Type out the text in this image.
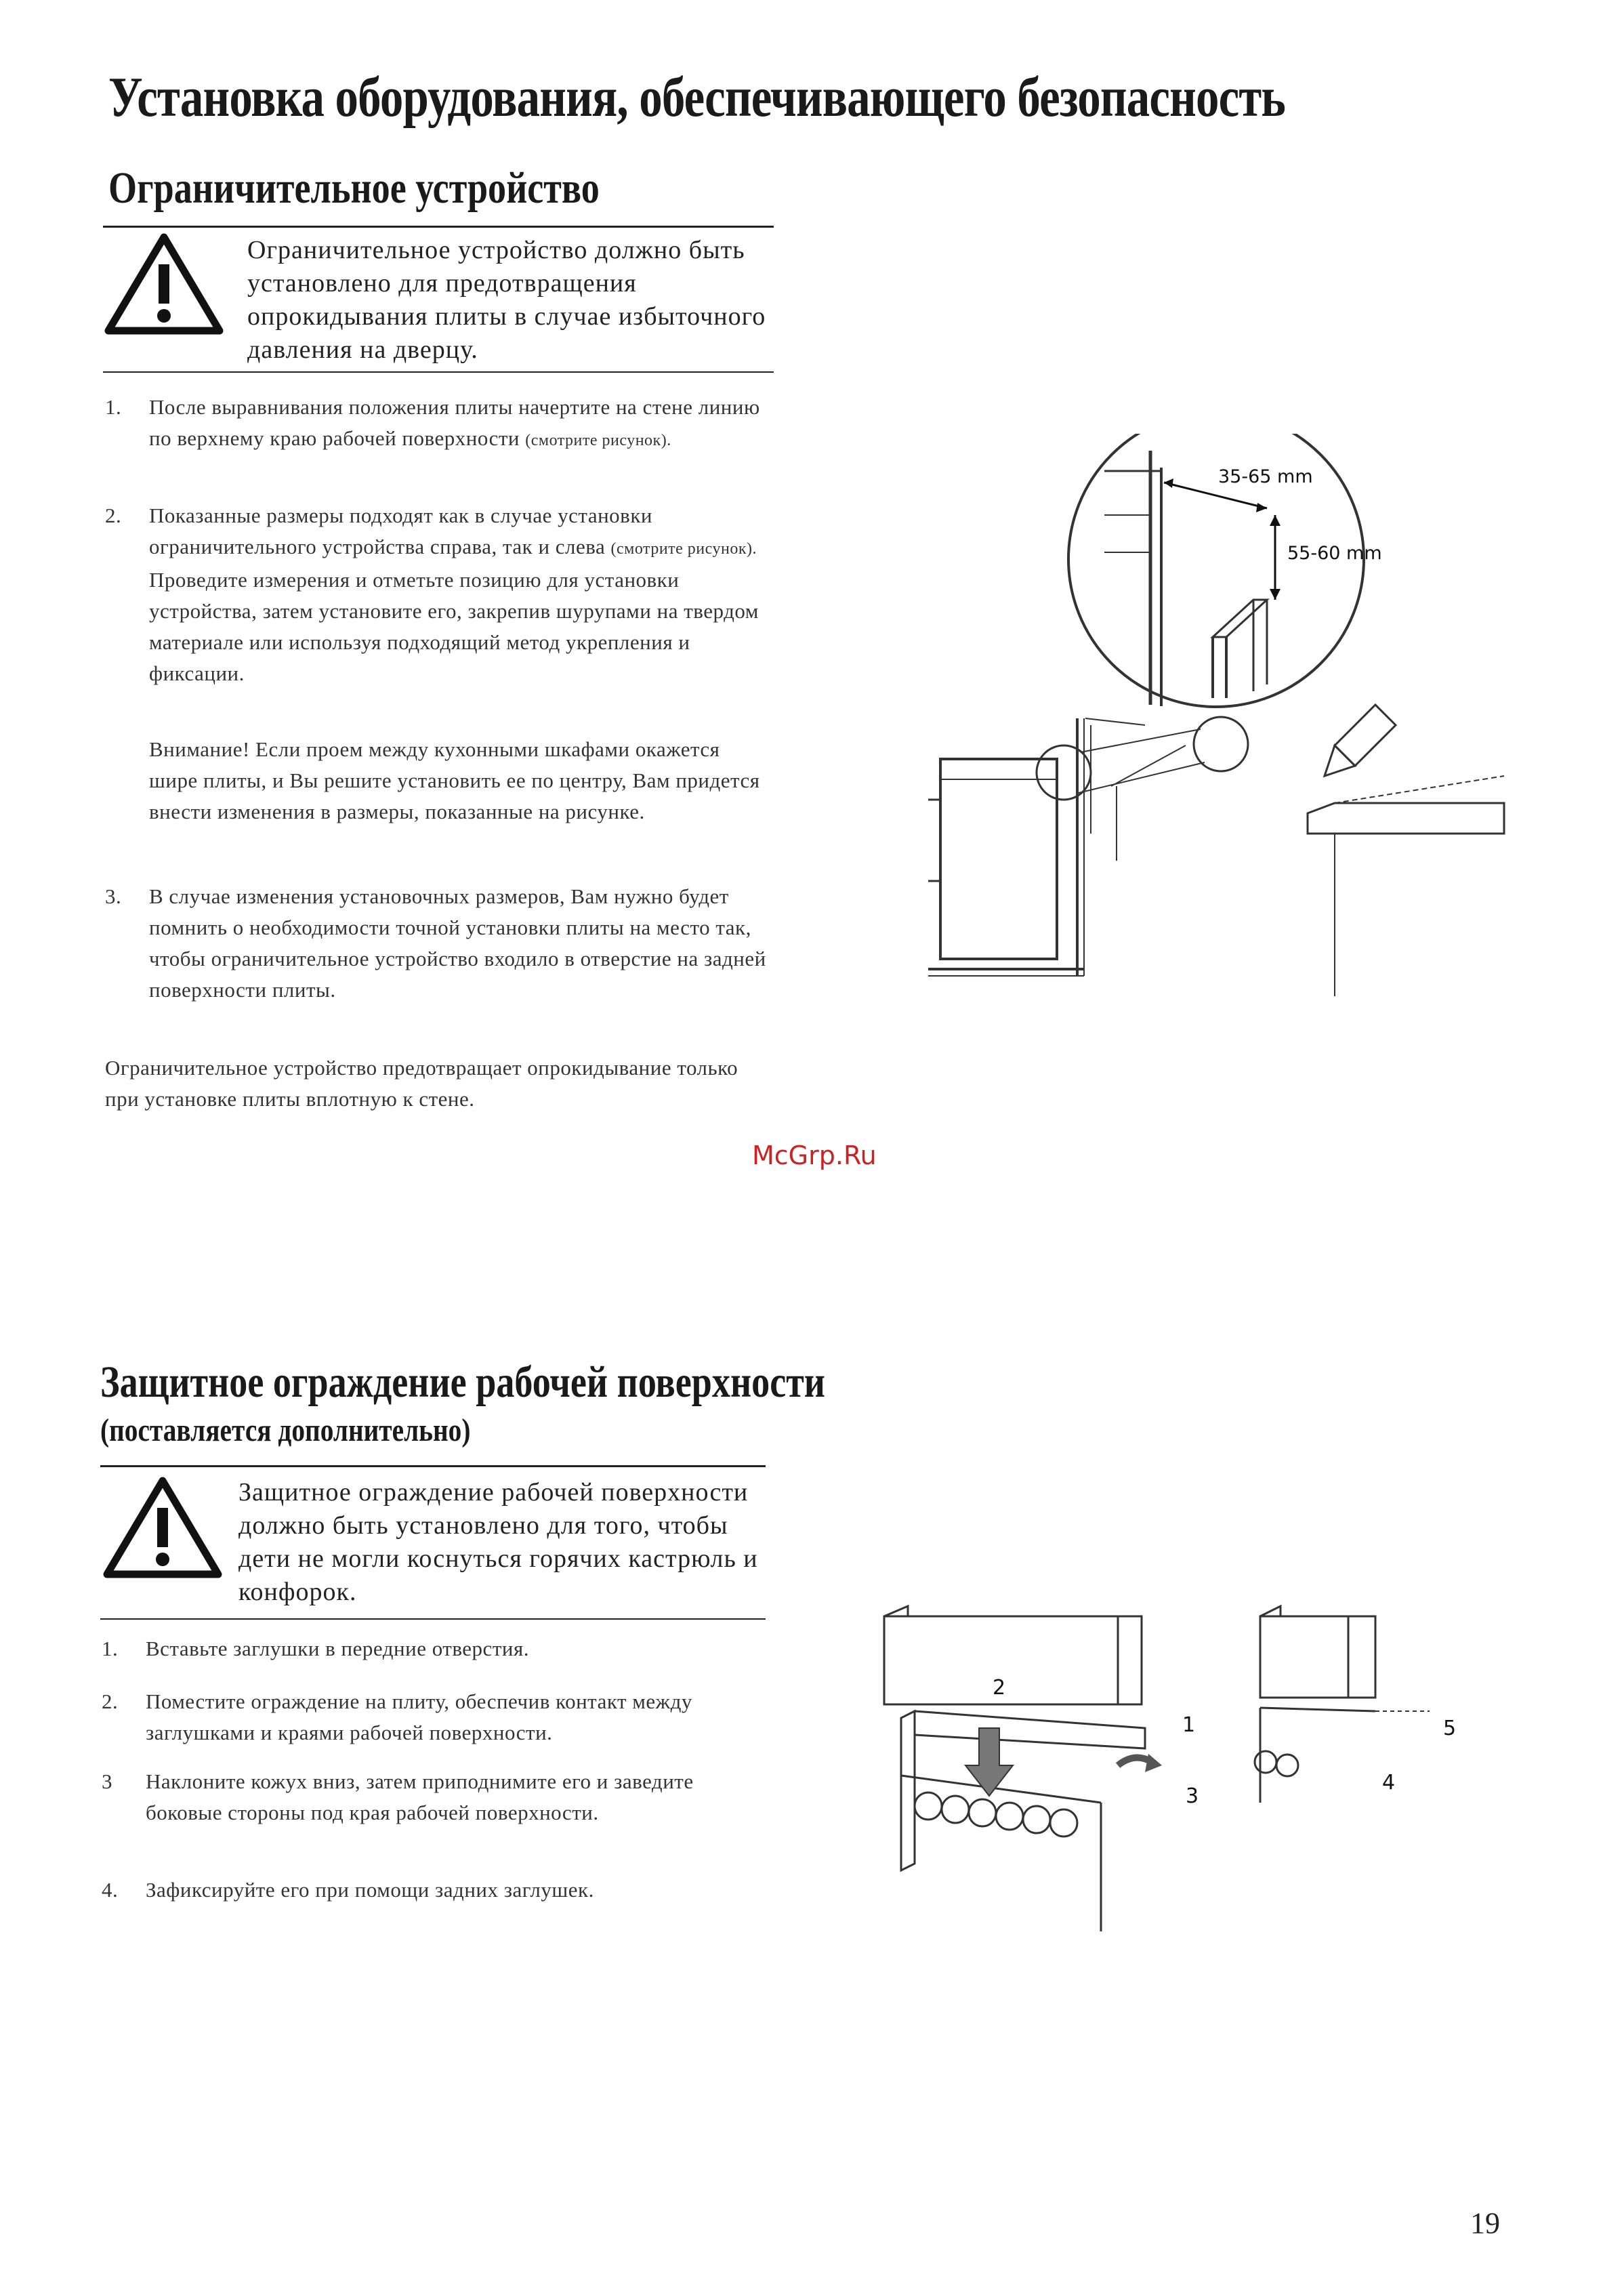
Установка оборудования, обеспечивающего безопасность
Ограничительное устройство
Ограничительное устройство должно быть установлено для предотвращения опрокидывания плиты в случае избыточного давления на дверцу.
1. После выравнивания положения плиты начертите на стене линию по верхнему краю рабочей поверхности (смотрите рисунок).
2. Показанные размеры подходят как в случае установки ограничительного устройства справа, так и слева (смотрите рисунок). Проведите измерения и отметьте позицию для установки устройства, затем установите его, закрепив шурупами на твердом материале или используя подходящий метод укрепления и фиксации.
Внимание! Если проем между кухонными шкафами окажется шире плиты, и Вы решите установить ее по центру, Вам придется внести изменения в размеры, показанные на рисунке.
3. В случае изменения установочных размеров, Вам нужно будет помнить о необходимости точной установки плиты на место так, чтобы ограничительное устройство входило в отверстие на задней поверхности плиты.
Ограничительное устройство предотвращает опрокидывание только при установке плиты вплотную к стене.
35-65 mm
55-60 mm
McGrp.Ru
Защитное ограждение рабочей поверхности
(поставляется дополнительно)
Защитное ограждение рабочей поверхности должно быть установлено для того, чтобы дети не могли коснуться горячих кастрюль и конфорок.
1. Вставьте заглушки в передние отверстия.
2. Поместите ограждение на плиту, обеспечив контакт между заглушками и краями рабочей поверхности.
3 Наклоните кожух вниз, затем приподнимите его и заведите боковые стороны под края рабочей поверхности.
4. Зафиксируйте его при помощи задних заглушек.
2
1
3
4
5
19
